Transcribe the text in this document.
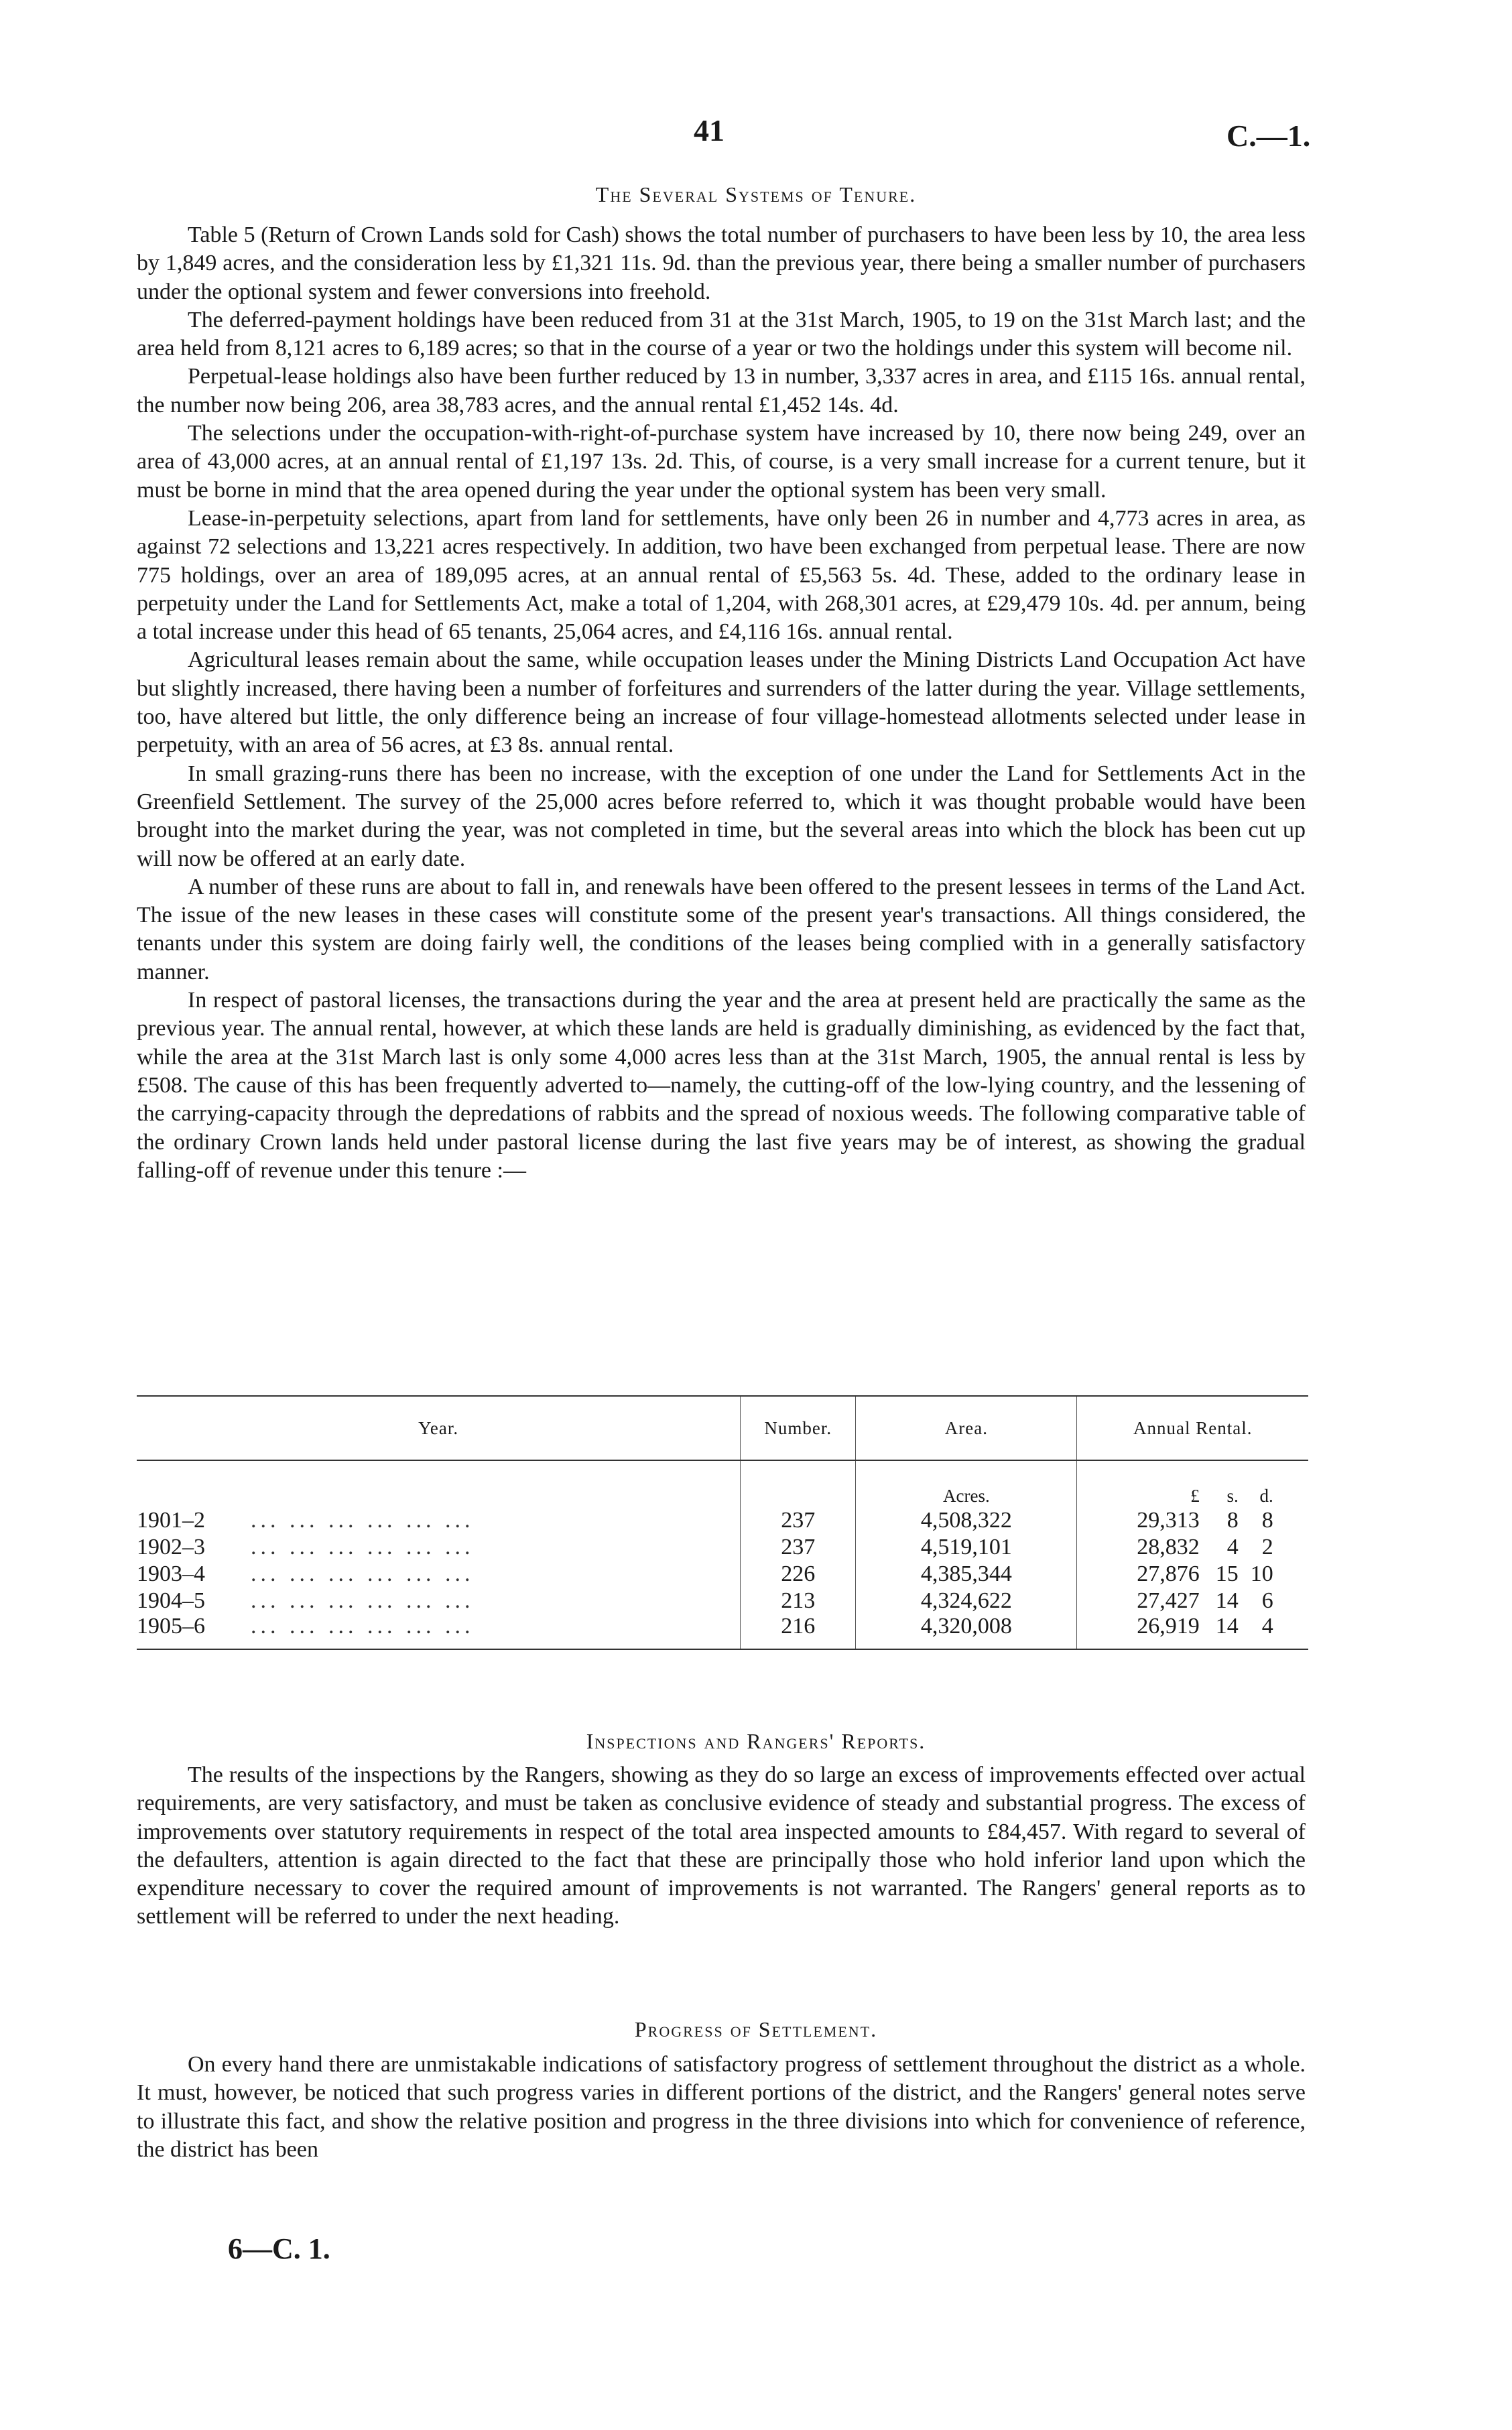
41	C.—1.
The Several Systems of Tenure.

Table 5 (Return of Crown Lands sold for Cash) shows the total number of purchasers to have been less by 10, the area less by 1,849 acres, and the consideration less by £1,321 11s. 9d. than the previous year, there being a smaller number of purchasers under the optional system and fewer conversions into freehold.

The deferred-payment holdings have been reduced from 31 at the 31st March, 1905, to 19 on the 31st March last; and the area held from 8,121 acres to 6,189 acres; so that in the course of a year or two the holdings under this system will become nil.

Perpetual-lease holdings also have been further reduced by 13 in number, 3,337 acres in area, and £115 16s. annual rental, the number now being 206, area 38,783 acres, and the annual rental £1,452 14s. 4d.

The selections under the occupation-with-right-of-purchase system have increased by 10, there now being 249, over an area of 43,000 acres, at an annual rental of £1,197 13s. 2d. This, of course, is a very small increase for a current tenure, but it must be borne in mind that the area opened during the year under the optional system has been very small.

Lease-in-perpetuity selections, apart from land for settlements, have only been 26 in number and 4,773 acres in area, as against 72 selections and 13,221 acres respectively. In addition, two have been exchanged from perpetual lease. There are now 775 holdings, over an area of 189,095 acres, at an annual rental of £5,563 5s. 4d. These, added to the ordinary lease in perpetuity under the Land for Settlements Act, make a total of 1,204, with 268,301 acres, at £29,479 10s. 4d. per annum, being a total increase under this head of 65 tenants, 25,064 acres, and £4,116 16s. annual rental.

Agricultural leases remain about the same, while occupation leases under the Mining Districts Land Occupation Act have but slightly increased, there having been a number of forfeitures and surrenders of the latter during the year. Village settlements, too, have altered but little, the only difference being an increase of four village-homestead allotments selected under lease in perpetuity, with an area of 56 acres, at £3 8s. annual rental.

In small grazing-runs there has been no increase, with the exception of one under the Land for Settlements Act in the Greenfield Settlement. The survey of the 25,000 acres before referred to, which it was thought probable would have been brought into the market during the year, was not completed in time, but the several areas into which the block has been cut up will now be offered at an early date.

A number of these runs are about to fall in, and renewals have been offered to the present lessees in terms of the Land Act. The issue of the new leases in these cases will constitute some of the present year's transactions. All things considered, the tenants under this system are doing fairly well, the conditions of the leases being complied with in a generally satisfactory manner.

In respect of pastoral licenses, the transactions during the year and the area at present held are practically the same as the previous year. The annual rental, however, at which these lands are held is gradually diminishing, as evidenced by the fact that, while the area at the 31st March last is only some 4,000 acres less than at the 31st March, 1905, the annual rental is less by £508. The cause of this has been frequently adverted to—namely, the cutting-off of the low-lying country, and the lessening of the carrying-capacity through the depredations of rabbits and the spread of noxious weeds. The following comparative table of the ordinary Crown lands held under pastoral license during the last five years may be of interest, as showing the gradual falling-off of revenue under this tenure :—

Year.	Number.	Area.	Annual Rental.
		Acres.	£ s. d.
1901–2 ... ... ... ... ... ...	237	4,508,322	29,313 8 8
1902–3 ... ... ... ... ... ...	237	4,519,101	28,832 4 2
1903–4 ... ... ... ... ... ...	226	4,385,344	27,876 15 10
1904–5 ... ... ... ... ... ...	213	4,324,622	27,427 14 6
1905–6 ... ... ... ... ... ...	216	4,320,008	26,919 14 4
Inspections and Rangers' Reports.

The results of the inspections by the Rangers, showing as they do so large an excess of improvements effected over actual requirements, are very satisfactory, and must be taken as conclusive evidence of steady and substantial progress. The excess of improvements over statutory requirements in respect of the total area inspected amounts to £84,457. With regard to several of the defaulters, attention is again directed to the fact that these are principally those who hold inferior land upon which the expenditure necessary to cover the required amount of improvements is not warranted. The Rangers' general reports as to settlement will be referred to under the next heading.

Progress of Settlement.

On every hand there are unmistakable indications of satisfactory progress of settlement throughout the district as a whole. It must, however, be noticed that such progress varies in different portions of the district, and the Rangers' general notes serve to illustrate this fact, and show the relative position and progress in the three divisions into which for convenience of reference, the district has been

6—C. 1.
